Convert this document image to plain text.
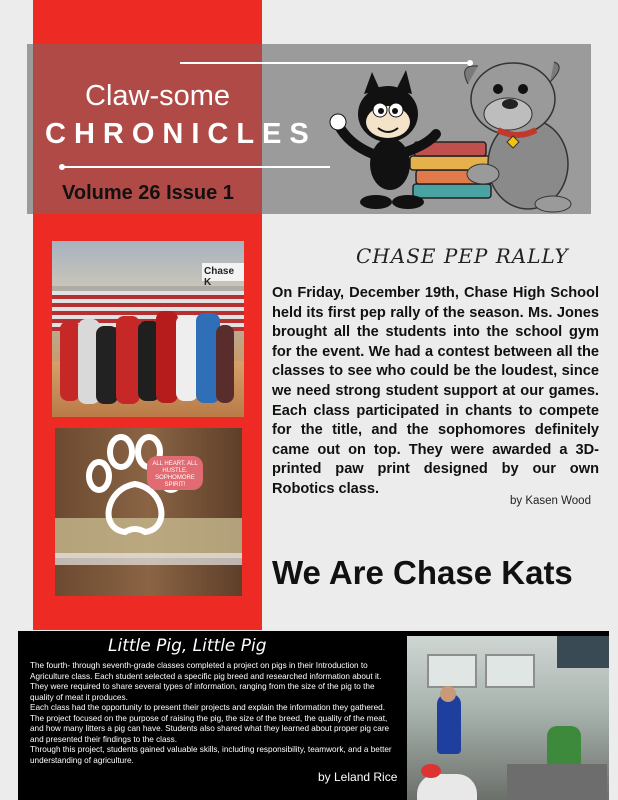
Claw-some
CHRONICLES
Volume 26 Issue 1
Chase K
ALL HEART. ALL HUSTLE. SOPHOMORE SPIRIT!
CHASE PEP RALLY
On Friday, December 19th, Chase High School held its first pep rally of the season. Ms. Jones brought all the students into the school gym for the event. We had a contest between all the classes to see who could be the loudest, since we need strong student support at our games. Each class participated in chants to compete for the title, and the sophomores definitely came out on top. They were awarded a 3D-printed paw print designed by our own Robotics class.
by Kasen Wood
We Are Chase Kats
Little Pig, Little Pig

The fourth- through seventh-grade classes completed a project on pigs in their Introduction to Agriculture class. Each student selected a specific pig breed and researched information about it. They were required to share several types of information, ranging from the size of the pig to the quality of meat it produces.

Each class had the opportunity to present their projects and explain the information they gathered. The project focused on the purpose of raising the pig, the size of the breed, the quality of the meat, and how many litters a pig can have. Students also shared what they learned about proper pig care and presented their findings to the class.

Through this project, students gained valuable skills, including responsibility, teamwork, and a better understanding of agriculture.

by Leland Rice
